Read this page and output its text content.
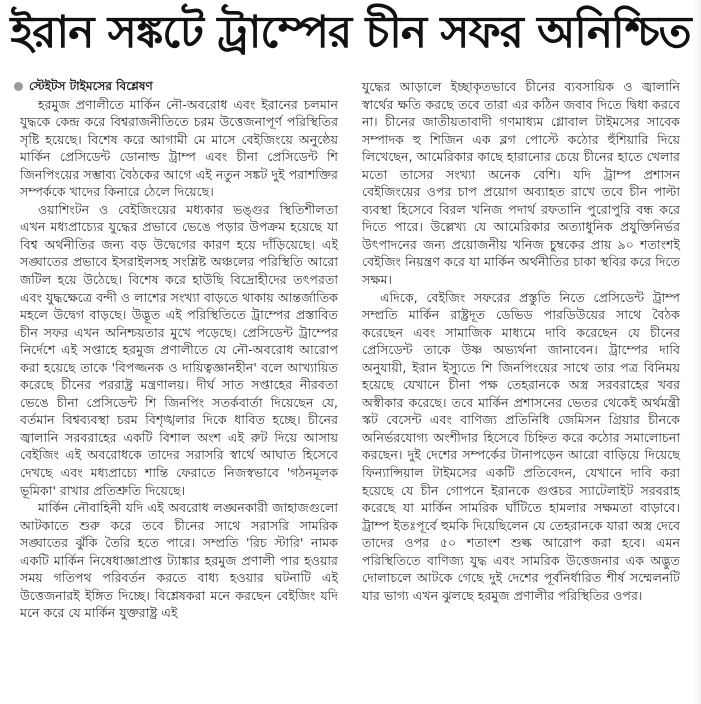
ইরান সঙ্কটে ট্রাম্পের চীন সফর অনিশ্চিত
স্টেইটস টাইমসের বিশ্লেষণ

হরমুজ প্রণালীতে মার্কিন নৌ-অবরোধ এবং ইরানের চলমান যুদ্ধকে কেন্দ্র করে বিশ্বরাজনীতিতে চরম উত্তেজনাপূর্ণ পরিস্থিতির সৃষ্টি হয়েছে। বিশেষ করে আগামী মে মাসে বেইজিংয়ে অনুষ্ঠেয় মার্কিন প্রেসিডেন্ট ডোনাল্ড ট্রাম্প এবং চীনা প্রেসিডেন্ট শি জিনপিংয়ের সম্ভাব্য বৈঠকের আগে এই নতুন সঙ্কট দুই পরাশক্তির সম্পর্ককে খাদের কিনারে ঠেলে দিয়েছে।

ওয়াশিংটন ও বেইজিংয়ের মধ্যকার ভঙ্গুর স্থিতিশীলতা এখন মধ্যপ্রাচ্যের যুদ্ধের প্রভাবে ভেঙে পড়ার উপক্রম হয়েছে যা বিশ্ব অর্থনীতির জন্য বড় উদ্বেগের কারণ হয়ে দাঁড়িয়েছে। এই সঙ্ঘাতের প্রভাবে ইসরাইলসহ সংশ্লিষ্ট অঞ্চলের পরিস্থিতি আরো জটিল হয়ে উঠেছে। বিশেষ করে হাউছি বিদ্রোহীদের তৎপরতা এবং যুদ্ধক্ষেত্রে বন্দী ও লাশের সংখ্যা বাড়তে থাকায় আন্তর্জাতিক মহলে উদ্বেগ বাড়ছে। উদ্ভূত এই পরিস্থিতিতে ট্রাম্পের প্রস্তাবিত চীন সফর এখন অনিশ্চয়তার মুখে পড়েছে। প্রেসিডেন্ট ট্রাম্পের নির্দেশে এই সপ্তাহে হরমুজ প্রণালীতে যে নৌ-অবরোধ আরোপ করা হয়েছে তাকে 'বিপজ্জনক ও দায়িত্বজ্ঞানহীন' বলে আখ্যায়িত করেছে চীনের পররাষ্ট্র মন্ত্রণালয়। দীর্ঘ সাত সপ্তাহের নীরবতা ভেঙে চীনা প্রেসিডেন্ট শি জিনপিং সতর্কবার্তা দিয়েছেন যে, বর্তমান বিশ্বব্যবস্থা চরম বিশৃঙ্খলার দিকে ধাবিত হচ্ছে। চীনের জ্বালানি সরবরাহের একটি বিশাল অংশ এই রুট দিয়ে আসায় বেইজিং এই অবরোধকে তাদের সরাসরি স্বার্থে আঘাত হিসেবে দেখছে এবং মধ্যপ্রাচ্যে শান্তি ফেরাতে নিজস্বভাবে 'গঠনমূলক ভূমিকা' রাখার প্রতিশ্রুতি দিয়েছে।

মার্কিন নৌবাহিনী যদি এই অবরোধ লঙ্ঘনকারী জাহাজগুলো আটকাতে শুরু করে তবে চীনের সাথে সরাসরি সামরিক সঙ্ঘাতের ঝুঁকি তৈরি হতে পারে। সম্প্রতি 'রিচ স্টারি' নামক একটি মার্কিন নিষেধাজ্ঞাপ্রাপ্ত ট্যাঙ্কার হরমুজ প্রণালী পার হওয়ার সময় গতিপথ পরিবর্তন করতে বাধ্য হওয়ার ঘটনাটি এই উত্তেজনারই ইঙ্গিত দিচ্ছে। বিশ্লেষকরা মনে করছেন বেইজিং যদি মনে করে যে মার্কিন যুক্তরাষ্ট্র এই

যুদ্ধের আড়ালে ইচ্ছাকৃতভাবে চীনের ব্যবসায়িক ও জ্বালানি স্বার্থের ক্ষতি করছে তবে তারা এর কঠিন জবাব দিতে দ্বিধা করবে না। চীনের জাতীয়তাবাদী গণমাধ্যম গ্লোবাল টাইমসের সাবেক সম্পাদক হু শিজিন এক ব্লগ পোস্টে কঠোর হুঁশিয়ারি দিয়ে লিখেছেন, আমেরিকার কাছে হারানোর চেয়ে চীনের হাতে খেলার মতো তাসের সংখ্যা অনেক বেশি। যদি ট্রাম্প প্রশাসন বেইজিংয়ের ওপর চাপ প্রয়োগ অব্যাহত রাখে তবে চীন পাল্টা ব্যবস্থা হিসেবে বিরল খনিজ পদার্থ রফতানি পুরোপুরি বন্ধ করে দিতে পারে। উল্লেখ্য যে আমেরিকার অত্যাধুনিক প্রযুক্তিনির্ভর উৎপাদনের জন্য প্রয়োজনীয় খনিজ চুম্বকের প্রায় ৯০ শতাংশই বেইজিং নিয়ন্ত্রণ করে যা মার্কিন অর্থনীতির চাকা স্থবির করে দিতে সক্ষম।

এদিকে, বেইজিং সফরের প্রস্তুতি নিতে প্রেসিডেন্ট ট্রাম্প সম্প্রতি মার্কিন রাষ্ট্রদূত ডেভিড পারডিউয়ের সাথে বৈঠক করেছেন এবং সামাজিক মাধ্যমে দাবি করেছেন যে চীনের প্রেসিডেন্ট তাকে উষ্ণ অভ্যর্থনা জানাবেন। ট্রাম্পের দাবি অনুযায়ী, ইরান ইস্যুতে শি জিনপিংয়ের সাথে তার পত্র বিনিময় হয়েছে যেখানে চীনা পক্ষ তেহরানকে অস্ত্র সরবরাহের খবর অস্বীকার করেছে। তবে মার্কিন প্রশাসনের ভেতর থেকেই অর্থমন্ত্রী স্কট বেসেন্ট এবং বাণিজ্য প্রতিনিধি জেমিসন গ্রিয়ার চীনকে অনির্ভরযোগ্য অংশীদার হিসেবে চিহ্নিত করে কঠোর সমালোচনা করছেন। দুই দেশের সম্পর্কের টানাপড়েন আরো বাড়িয়ে দিয়েছে ফিন্যান্সিয়াল টাইমসের একটি প্রতিবেদন, যেখানে দাবি করা হয়েছে যে চীন গোপনে ইরানকে গুপ্তচর স্যাটেলাইট সরবরাহ করেছে যা মার্কিন সামরিক ঘাঁটিতে হামলার সক্ষমতা বাড়াবে। ট্রাম্প ইতঃপূর্বে হুমকি দিয়েছিলেন যে তেহরানকে যারা অস্ত্র দেবে তাদের ওপর ৫০ শতাংশ শুল্ক আরোপ করা হবে। এমন পরিস্থিতিতে বাণিজ্য যুদ্ধ এবং সামরিক উত্তেজনার এক অদ্ভুত দোলাচলে আটকে গেছে দুই দেশের পূর্বনির্ধারিত শীর্ষ সম্মেলনটি যার ভাগ্য এখন ঝুলছে হরমুজ প্রণালীর পরিস্থিতির ওপর।
